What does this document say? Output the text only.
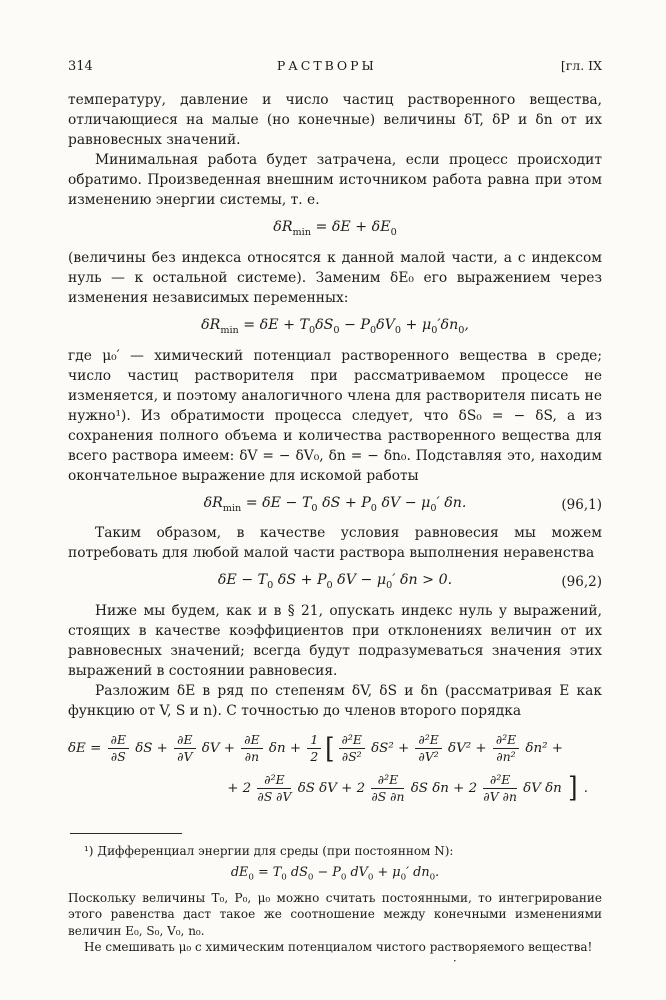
314	РАСТВОРЫ	[гл. IX

температуру, давление и число частиц растворенного вещества, отличающиеся на малые (но конечные) величины δT, δP и δn от их равновесных значений.

Минимальная работа будет затрачена, если процесс происходит обратимо. Произведенная внешним источником работа равна при этом изменению энергии системы, т. е.

$\delta R_{min} = \delta E + \delta E_0$

(величины без индекса относятся к данной малой части, а с индексом нуль — к остальной системе). Заменим δE₀ его выражением через изменения независимых переменных:

$\delta R_{min} = \delta E + T_0\delta S_0 - P_0\delta V_0 + \mu_0'\delta n_0$,

где μ₀′ — химический потенциал растворенного вещества в среде; число частиц растворителя при рассматриваемом процессе не изменяется, и поэтому аналогичного члена для растворителя писать не нужно¹). Из обратимости процесса следует, что δS₀ = − δS, а из сохранения полного объема и количества растворенного вещества для всего раствора имеем: δV = − δV₀, δn = − δn₀. Подставляя это, находим окончательное выражение для искомой работы

$\delta R_{min} = \delta E - T_0$ $\delta S + P_0$ $\delta V - \mu_0'$ δn.	(96,1)

Таким образом, в качестве условия равновесия мы можем потребовать для любой малой части раствора выполнения неравенства

$\delta E - T_0$ $\delta S + P_0$ $\delta V - \mu_0'$ δn > 0.	(96,2)

Ниже мы будем, как и в § 21, опускать индекс нуль у выражений, стоящих в качестве коэффициентов при отклонениях величин от их равновесных значений; всегда будут подразумеваться значения этих выражений в состоянии равновесия.

Разложим δE в ряд по степеням δV, δS и δn (рассматривая E как функцию от V, S и n). С точностью до членов второго порядка

$\delta E = \frac{\partial E}{\partial S}$ $\delta S + \frac{\partial E}{\partial V}$ $\delta V + \frac{\partial E}{\partial n}$ $\delta n + \frac{1}{2}$ [ $\frac{\text{∂²E}}{\text{∂S²}} \delta S^2 + \frac{\text{∂²E}}{\text{∂V²}} \delta V^2 + \frac{\text{∂²E}}{\text{∂n²}} \delta n^2$ +
+ $2 \frac{\text{∂²E}}{\partial S \partial V}$ δS $\delta V + 2 \frac{\text{∂²E}}{\partial S \partial n}$ δS $\delta n + 2 \frac{\text{∂²E}}{\partial V \partial n}$ δV δn ] .

¹) Дифференциал энергии для среды (при постоянном N):

$dE_0 = T_0$ $dS_0 - P_0$ $dV_0 + \mu_0'$ $dn_0$.

Поскольку величины T₀, P₀, μ₀ можно считать постоянными, то интегрирование этого равенства даст такое же соотношение между конечными изменениями величин E₀, S₀, V₀, n₀.

Не смешивать μ₀ с химическим потенциалом чистого растворяемого вещества!

·
